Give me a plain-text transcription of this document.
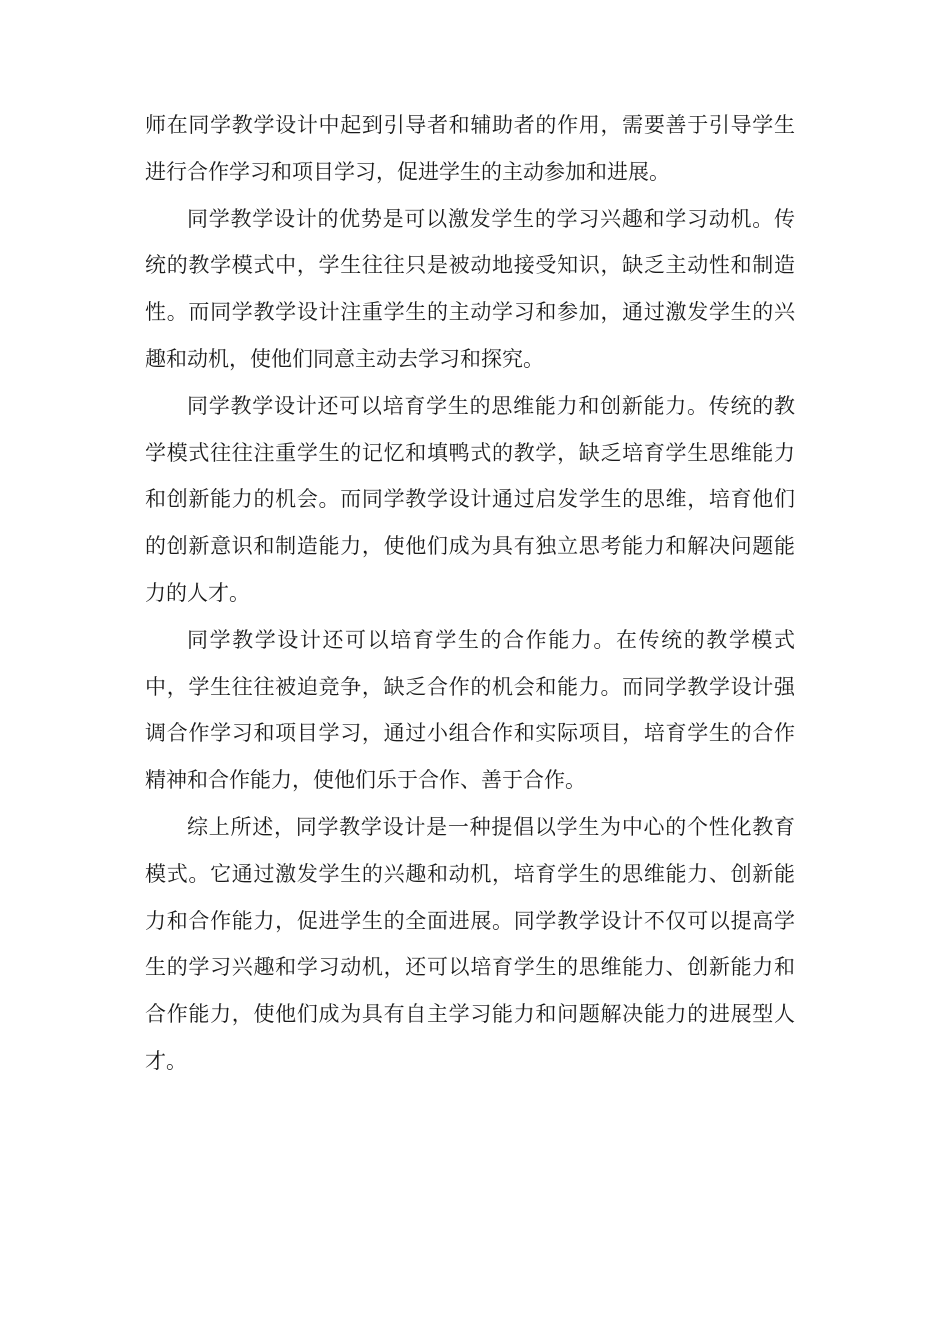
师在同学教学设计中起到引导者和辅助者的作用，需要善于引导学生进行合作学习和项目学习，促进学生的主动参加和进展。

同学教学设计的优势是可以激发学生的学习兴趣和学习动机。传统的教学模式中，学生往往只是被动地接受知识，缺乏主动性和制造性。而同学教学设计注重学生的主动学习和参加，通过激发学生的兴趣和动机，使他们同意主动去学习和探究。

同学教学设计还可以培育学生的思维能力和创新能力。传统的教学模式往往注重学生的记忆和填鸭式的教学，缺乏培育学生思维能力和创新能力的机会。而同学教学设计通过启发学生的思维，培育他们的创新意识和制造能力，使他们成为具有独立思考能力和解决问题能力的人才。

同学教学设计还可以培育学生的合作能力。在传统的教学模式中，学生往往被迫竞争，缺乏合作的机会和能力。而同学教学设计强调合作学习和项目学习，通过小组合作和实际项目，培育学生的合作精神和合作能力，使他们乐于合作、善于合作。

综上所述，同学教学设计是一种提倡以学生为中心的个性化教育模式。它通过激发学生的兴趣和动机，培育学生的思维能力、创新能力和合作能力，促进学生的全面进展。同学教学设计不仅可以提高学生的学习兴趣和学习动机，还可以培育学生的思维能力、创新能力和合作能力，使他们成为具有自主学习能力和问题解决能力的进展型人才。
